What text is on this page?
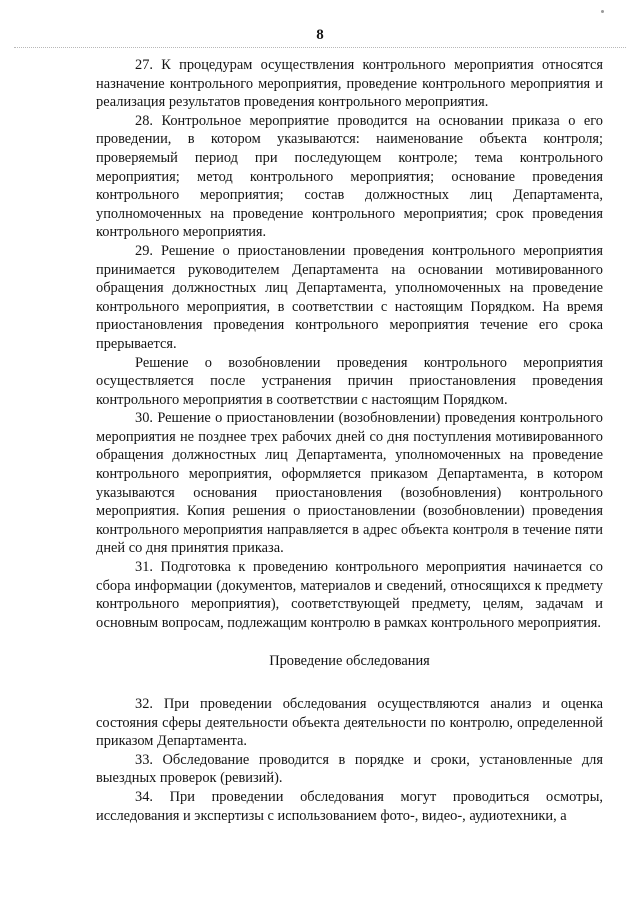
8

27. К процедурам осуществления контрольного мероприятия относятся назначение контрольного мероприятия, проведение контрольного мероприятия и реализация результатов проведения контрольного мероприятия.

28. Контрольное мероприятие проводится на основании приказа о его проведении, в котором указываются: наименование объекта контроля; проверяемый период при последующем контроле; тема контрольного мероприятия; метод контрольного мероприятия; основание проведения контрольного мероприятия; состав должностных лиц Департамента, уполномоченных на проведение контрольного мероприятия; срок проведения контрольного мероприятия.

29. Решение о приостановлении проведения контрольного мероприятия принимается руководителем Департамента на основании мотивированного обращения должностных лиц Департамента, уполномоченных на проведение контрольного мероприятия, в соответствии с настоящим Порядком. На время приостановления проведения контрольного мероприятия течение его срока прерывается.

Решение о возобновлении проведения контрольного мероприятия осуществляется после устранения причин приостановления проведения контрольного мероприятия в соответствии с настоящим Порядком.

30. Решение о приостановлении (возобновлении) проведения контрольного мероприятия не позднее трех рабочих дней со дня поступления мотивированного обращения должностных лиц Департамента, уполномоченных на проведение контрольного мероприятия, оформляется приказом Департамента, в котором указываются основания приостановления (возобновления) контрольного мероприятия. Копия решения о приостановлении (возобновлении) проведения контрольного мероприятия направляется в адрес объекта контроля в течение пяти дней со дня принятия приказа.

31. Подготовка к проведению контрольного мероприятия начинается со сбора информации (документов, материалов и сведений, относящихся к предмету контрольного мероприятия), соответствующей предмету, целям, задачам и основным вопросам, подлежащим контролю в рамках контрольного мероприятия.

Проведение обследования

32. При проведении обследования осуществляются анализ и оценка состояния сферы деятельности объекта деятельности по контролю, определенной приказом Департамента.

33. Обследование проводится в порядке и сроки, установленные для выездных проверок (ревизий).

34. При проведении обследования могут проводиться осмотры, исследования и экспертизы с использованием фото-, видео-, аудиотехники, а
